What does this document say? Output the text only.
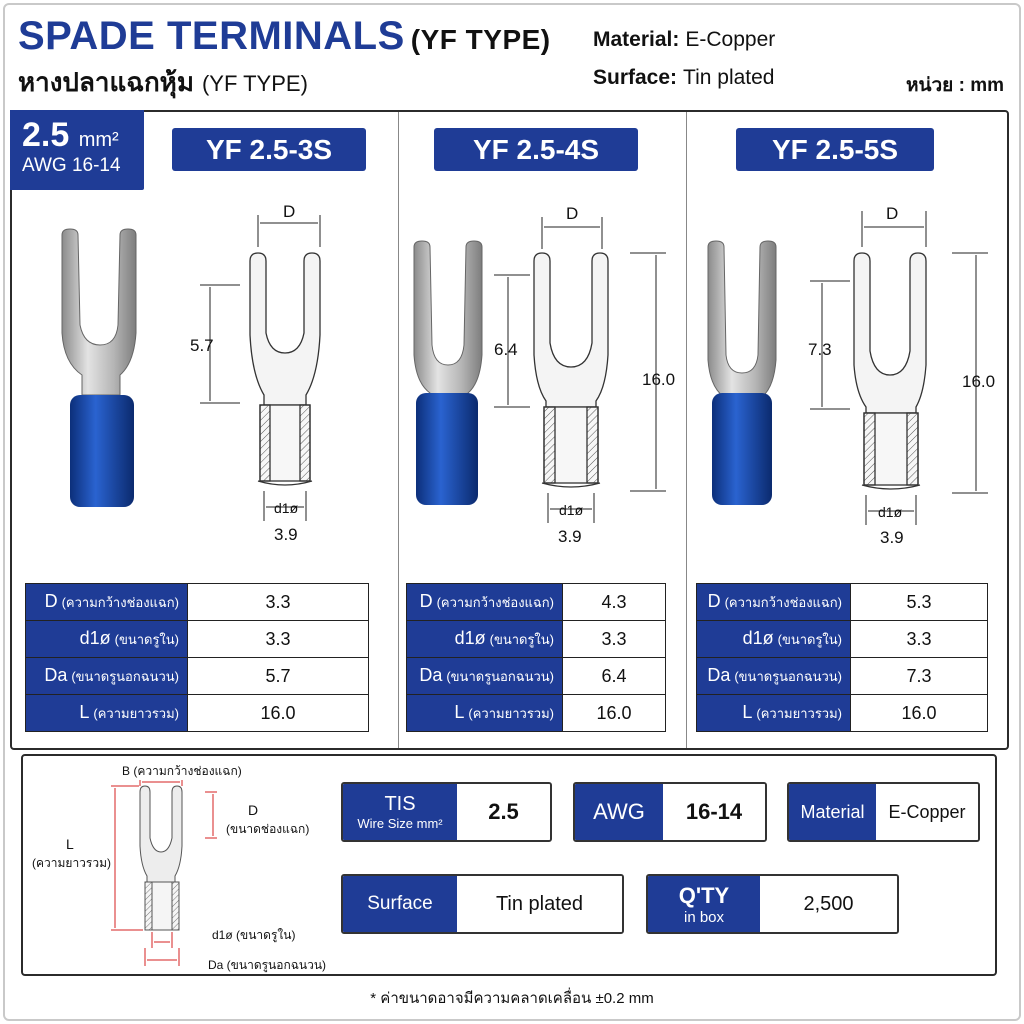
SPADE TERMINALS (YF TYPE)
หางปลาแฉกหุ้ม (YF TYPE)
Material: E-Copper
Surface: Tin plated	หน่วย : mm
2.5 mm²
AWG 16-14
YF 2.5-3S	YF 2.5-4S	YF 2.5-5S
D
5.7
d1ø
3.9
D
6.4
16.0
d1ø
3.9
D
7.3
16.0
d1ø
3.9
D (ความกว้างช่องแฉก)	3.3
d1ø (ขนาดรูใน)	3.3
Da (ขนาดรูนอกฉนวน)	5.7
L (ความยาวรวม)	16.0
D (ความกว้างช่องแฉก)	4.3
d1ø (ขนาดรูใน)	3.3
Da (ขนาดรูนอกฉนวน)	6.4
L (ความยาวรวม)	16.0
D (ความกว้างช่องแฉก)	5.3
d1ø (ขนาดรูใน)	3.3
Da (ขนาดรูนอกฉนวน)	7.3
L (ความยาวรวม)	16.0
B (ความกว้างช่องแฉก)
D
(ขนาดช่องแฉก)
L
(ความยาวรวม)
d1ø (ขนาดรูใน)
Da (ขนาดรูนอกฉนวน)
TIS
Wire Size mm²	2.5	AWG	16-14	Material	E-Copper
Surface	Tin plated	Q'TY
in box
2,500
* ค่าขนาดอาจมีความคลาดเคลื่อน ±0.2 mm
